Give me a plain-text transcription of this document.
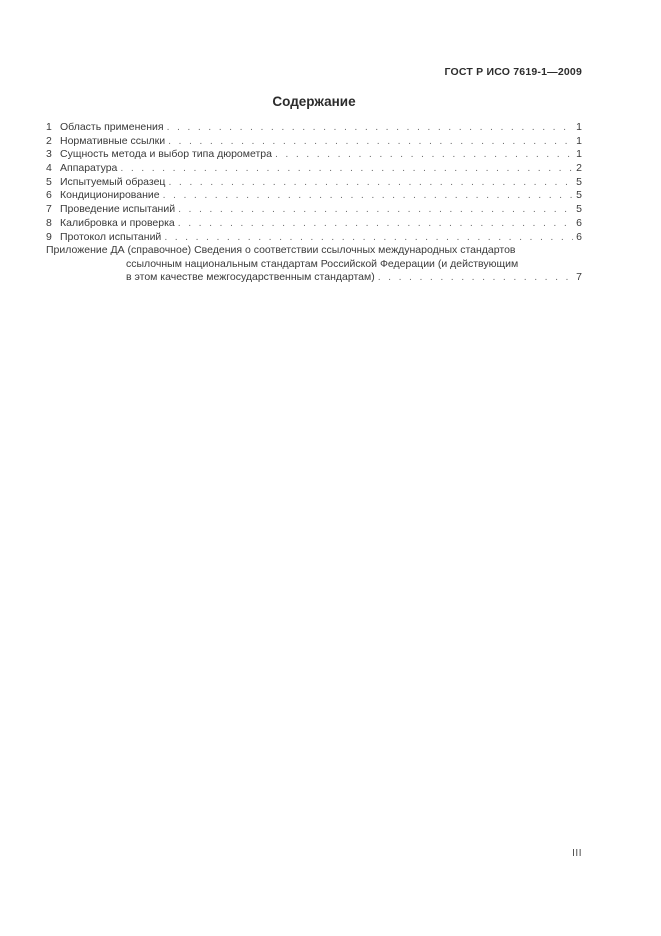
ГОСТ Р ИСО 7619-1—2009
Содержание
1 Область применения . . .	1
2 Нормативные ссылки . . .	1
3 Сущность метода и выбор типа дюрометра . . .	1
4 Аппаратура . . .	2
5 Испытуемый образец . . .	5
6 Кондиционирование . . .	5
7 Проведение испытаний . . .	5
8 Калибровка и проверка . . .	6
9 Протокол испытаний . . .	6
Приложение ДА (справочное) Сведения о соответствии ссылочных международных стандартов
ссылочным национальным стандартам Российской Федерации (и действующим
в этом качестве межгосударственным стандартам) . . .	7
III
